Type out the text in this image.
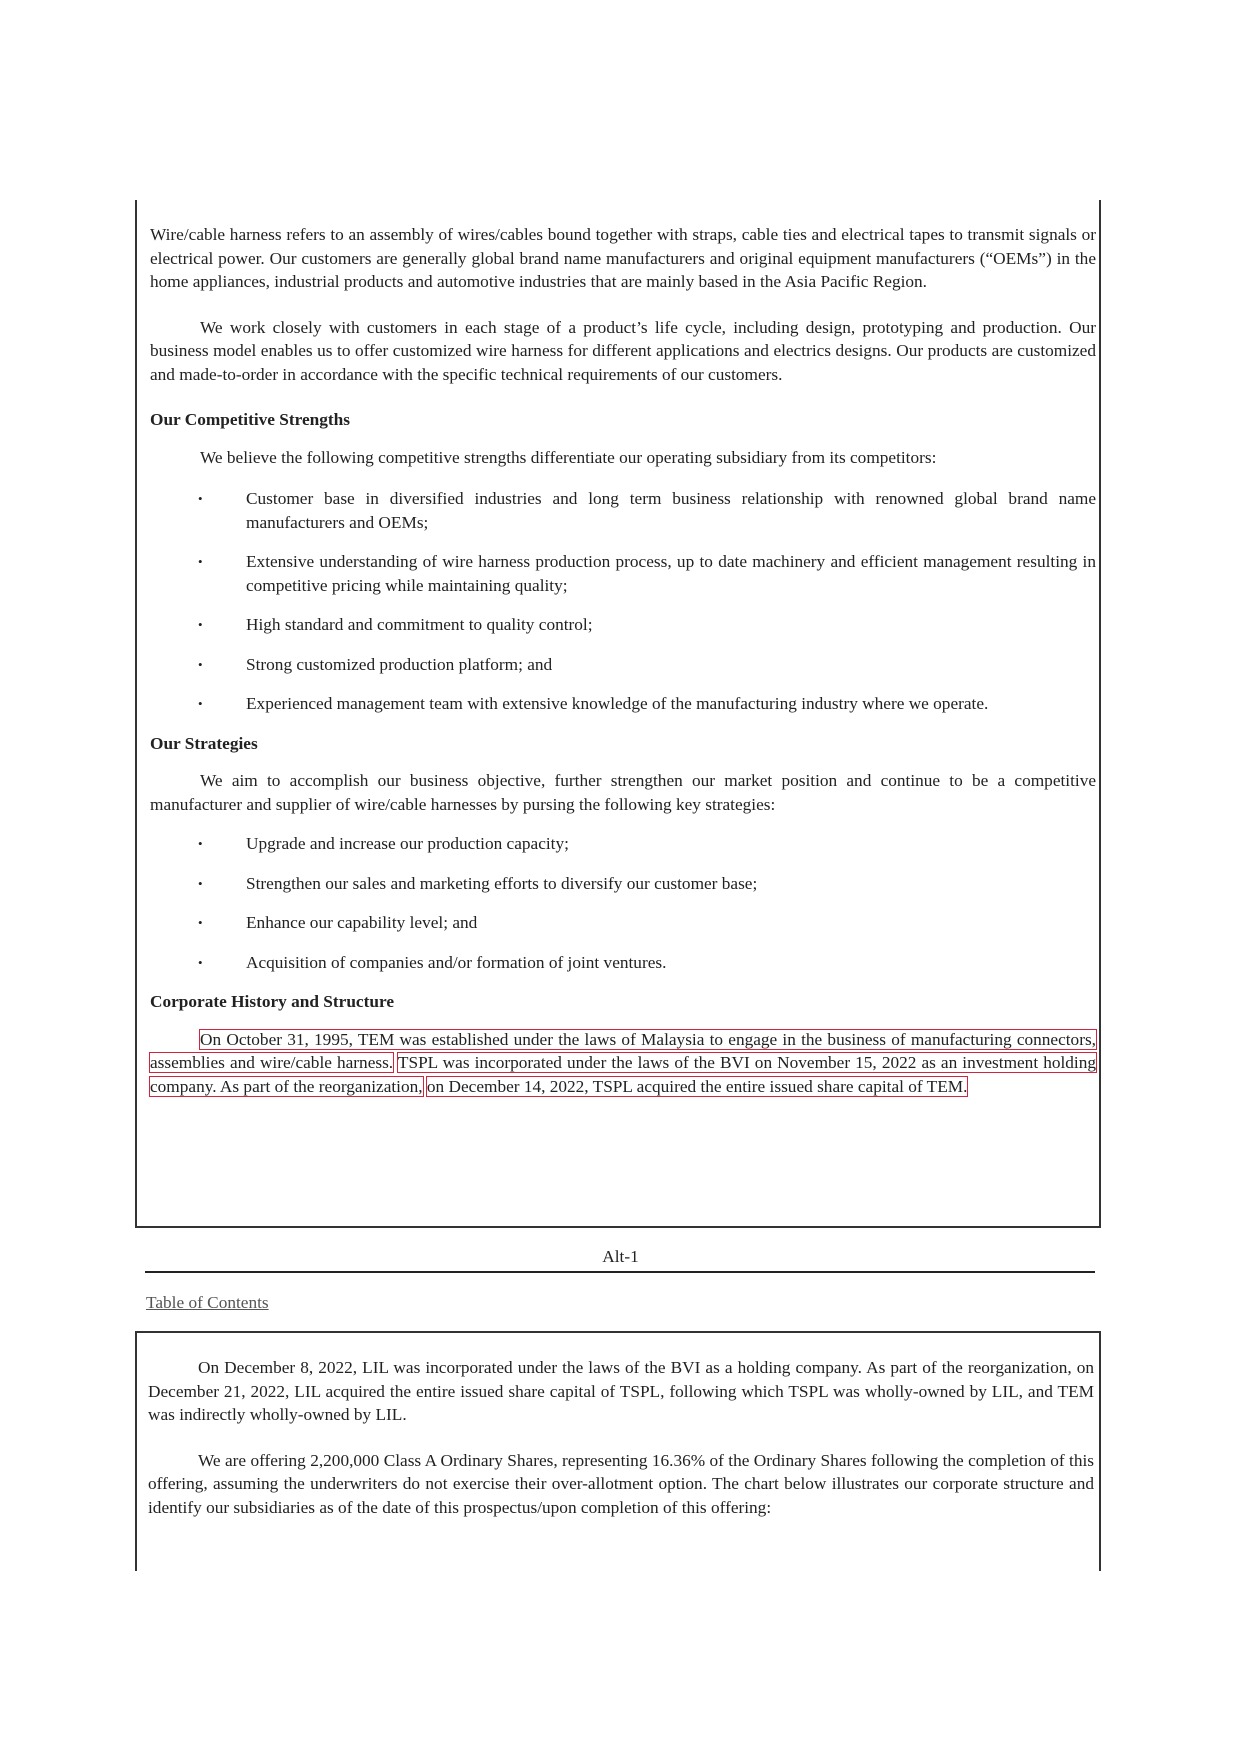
Wire/cable harness refers to an assembly of wires/cables bound together with straps, cable ties and electrical tapes to transmit signals or electrical power. Our customers are generally global brand name manufacturers and original equipment manufacturers (“OEMs”) in the home appliances, industrial products and automotive industries that are mainly based in the Asia Pacific Region.

We work closely with customers in each stage of a product’s life cycle, including design, prototyping and production. Our business model enables us to offer customized wire harness for different applications and electrics designs. Our products are customized and made-to-order in accordance with the specific technical requirements of our customers.

Our Competitive Strengths
We believe the following competitive strengths differentiate our operating subsidiary from its competitors:
•	Customer base in diversified industries and long term business relationship with renowned global brand name manufacturers and OEMs;
•	Extensive understanding of wire harness production process, up to date machinery and efficient management resulting in competitive pricing while maintaining quality;
•	High standard and commitment to quality control;
•	Strong customized production platform; and
•	Experienced management team with extensive knowledge of the manufacturing industry where we operate.
Our Strategies

We aim to accomplish our business objective, further strengthen our market position and continue to be a competitive manufacturer and supplier of wire/cable harnesses by pursing the following key strategies:

•	Upgrade and increase our production capacity;
•	Strengthen our sales and marketing efforts to diversify our customer base;
•	Enhance our capability level; and
•	Acquisition of companies and/or formation of joint ventures.
Corporate History and Structure

On October 31, 1995, TEM was established under the laws of Malaysia to engage in the business of manufacturing connectors, assemblies and wire/cable harness. TSPL was incorporated under the laws of the BVI on November 15, 2022 as an investment holding company. As part of the reorganization, on December 14, 2022, TSPL acquired the entire issued share capital of TEM.

Alt-1
Table of Contents

On December 8, 2022, LIL was incorporated under the laws of the BVI as a holding company. As part of the reorganization, on December 21, 2022, LIL acquired the entire issued share capital of TSPL, following which TSPL was wholly-owned by LIL, and TEM was indirectly wholly-owned by LIL.

We are offering 2,200,000 Class A Ordinary Shares, representing 16.36% of the Ordinary Shares following the completion of this offering, assuming the underwriters do not exercise their over-allotment option. The chart below illustrates our corporate structure and identify our subsidiaries as of the date of this prospectus/upon completion of this offering:
